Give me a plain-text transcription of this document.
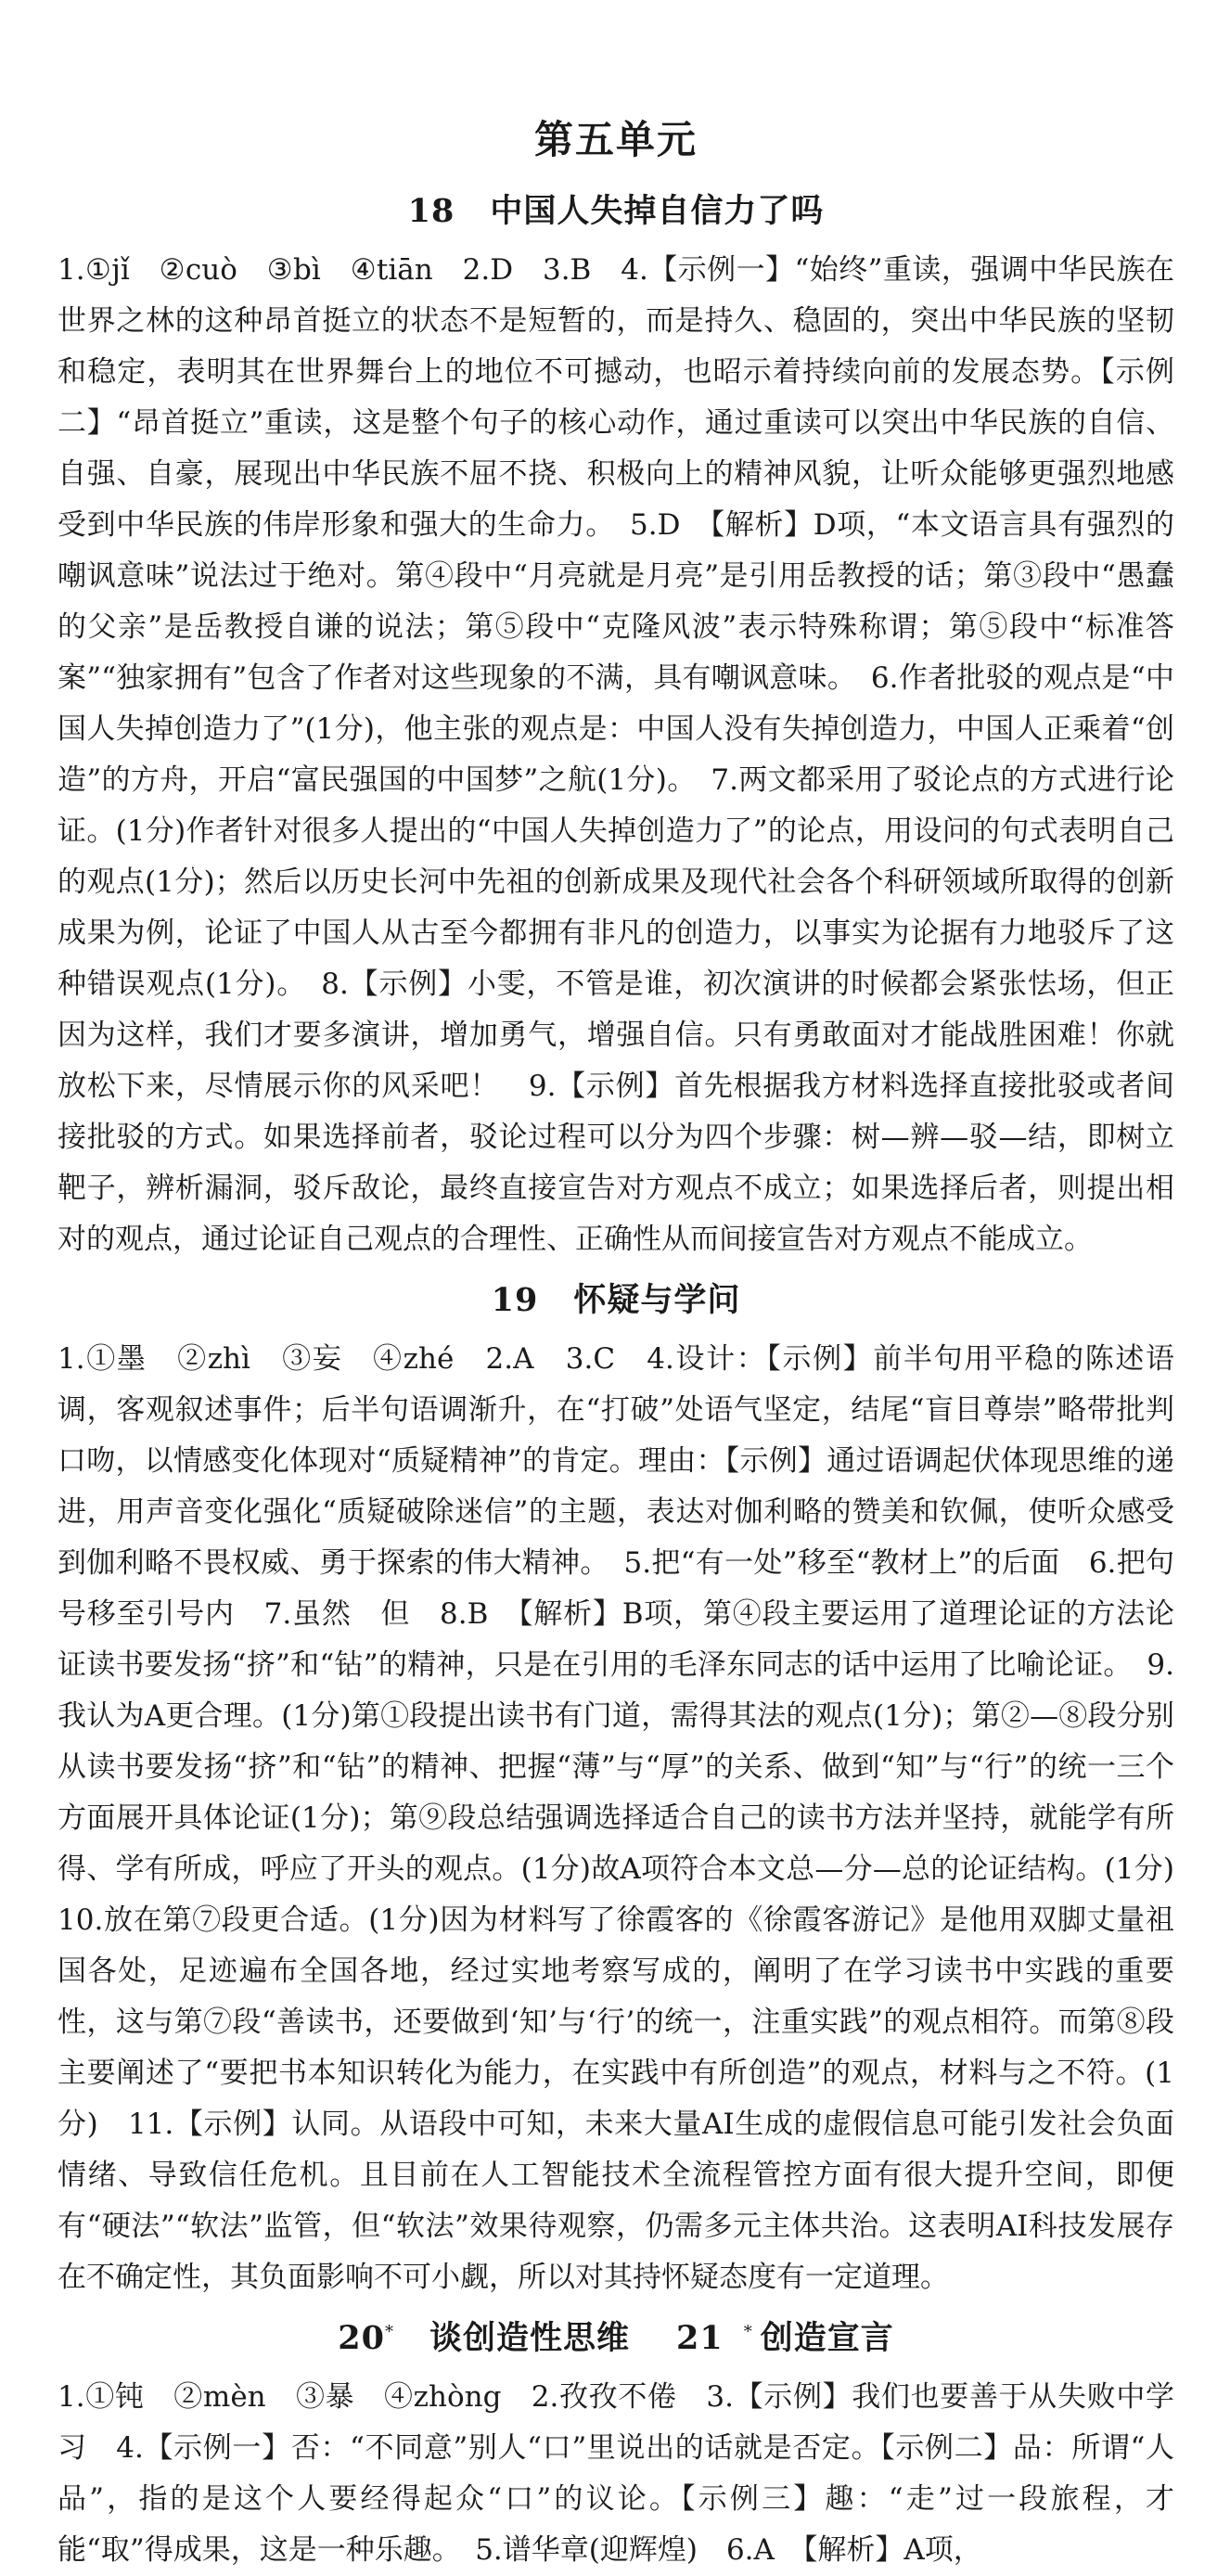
第五单元
18 中国人失掉自信力了吗
1.①jǐ　②cuò　③bì　④tiān　2.D　3.B　4.【示例一】“始终”重读，强调中华民族在世界之林的这种昂首挺立的状态不是短暂的，而是持久、稳固的，突出中华民族的坚韧和稳定，表明其在世界舞台上的地位不可撼动，也昭示着持续向前的发展态势。【示例二】“昂首挺立”重读，这是整个句子的核心动作，通过重读可以突出中华民族的自信、自强、自豪，展现出中华民族不屈不挠、积极向上的精神风貌，让听众能够更强烈地感受到中华民族的伟岸形象和强大的生命力。　5.D　【解析】D项，“本文语言具有强烈的嘲讽意味”说法过于绝对。第④段中“月亮就是月亮”是引用岳教授的话；第③段中“愚蠢的父亲”是岳教授自谦的说法；第⑤段中“克隆风波”表示特殊称谓；第⑤段中“标准答案”“独家拥有”包含了作者对这些现象的不满，具有嘲讽意味。　6.作者批驳的观点是“中国人失掉创造力了”(1分)，他主张的观点是：中国人没有失掉创造力，中国人正乘着“创造”的方舟，开启“富民强国的中国梦”之航(1分)。　7.两文都采用了驳论点的方式进行论证。(1分)作者针对很多人提出的“中国人失掉创造力了”的论点，用设问的句式表明自己的观点(1分)；然后以历史长河中先祖的创新成果及现代社会各个科研领域所取得的创新成果为例，论证了中国人从古至今都拥有非凡的创造力，以事实为论据有力地驳斥了这种错误观点(1分)。　8.【示例】小雯，不管是谁，初次演讲的时候都会紧张怯场，但正因为这样，我们才要多演讲，增加勇气，增强自信。只有勇敢面对才能战胜困难！你就放松下来，尽情展示你的风采吧！　9.【示例】首先根据我方材料选择直接批驳或者间接批驳的方式。如果选择前者，驳论过程可以分为四个步骤：树—辨—驳—结，即树立靶子，辨析漏洞，驳斥敌论，最终直接宣告对方观点不成立；如果选择后者，则提出相对的观点，通过论证自己观点的合理性、正确性从而间接宣告对方观点不能成立。
19 怀疑与学问
1.①墨　②zhì　③妄　④zhé　2.A　3.C　4.设计：【示例】前半句用平稳的陈述语调，客观叙述事件；后半句语调渐升，在“打破”处语气坚定，结尾“盲目尊崇”略带批判口吻，以情感变化体现对“质疑精神”的肯定。理由：【示例】通过语调起伏体现思维的递进，用声音变化强化“质疑破除迷信”的主题，表达对伽利略的赞美和钦佩，使听众感受到伽利略不畏权威、勇于探索的伟大精神。　5.把“有一处”移至“教材上”的后面　6.把句号移至引号内　7.虽然　但　8.B　【解析】B项，第④段主要运用了道理论证的方法论证读书要发扬“挤”和“钻”的精神，只是在引用的毛泽东同志的话中运用了比喻论证。　9.我认为A更合理。(1分)第①段提出读书有门道，需得其法的观点(1分)；第②—⑧段分别从读书要发扬“挤”和“钻”的精神、把握“薄”与“厚”的关系、做到“知”与“行”的统一三个方面展开具体论证(1分)；第⑨段总结强调选择适合自己的读书方法并坚持，就能学有所得、学有所成，呼应了开头的观点。(1分)故A项符合本文总—分—总的论证结构。(1分)　10.放在第⑦段更合适。(1分)因为材料写了徐霞客的《徐霞客游记》是他用双脚丈量祖国各处，足迹遍布全国各地，经过实地考察写成的，阐明了在学习读书中实践的重要性，这与第⑦段“善读书，还要做到‘知’与‘行’的统一，注重实践”的观点相符。而第⑧段主要阐述了“要把书本知识转化为能力，在实践中有所创造”的观点，材料与之不符。(1分)　11.【示例】认同。从语段中可知，未来大量AI生成的虚假信息可能引发社会负面情绪、导致信任危机。且目前在人工智能技术全流程管控方面有很大提升空间，即便有“硬法”“软法”监管，但“软法”效果待观察，仍需多元主体共治。这表明AI科技发展存在不确定性，其负面影响不可小觑，所以对其持怀疑态度有一定道理。
20* 谈创造性思维 21 * 创造宣言
1.①钝　②mèn　③暴　④zhòng　2.孜孜不倦　3.【示例】我们也要善于从失败中学习　4.【示例一】否：“不同意”别人“口”里说出的话就是否定。【示例二】品：所谓“人品”，指的是这个人要经得起众“口”的议论。【示例三】趣：“走”过一段旅程，才能“取”得成果，这是一种乐趣。　5.谱华章(迎辉煌)　6.A　【解析】A项，
